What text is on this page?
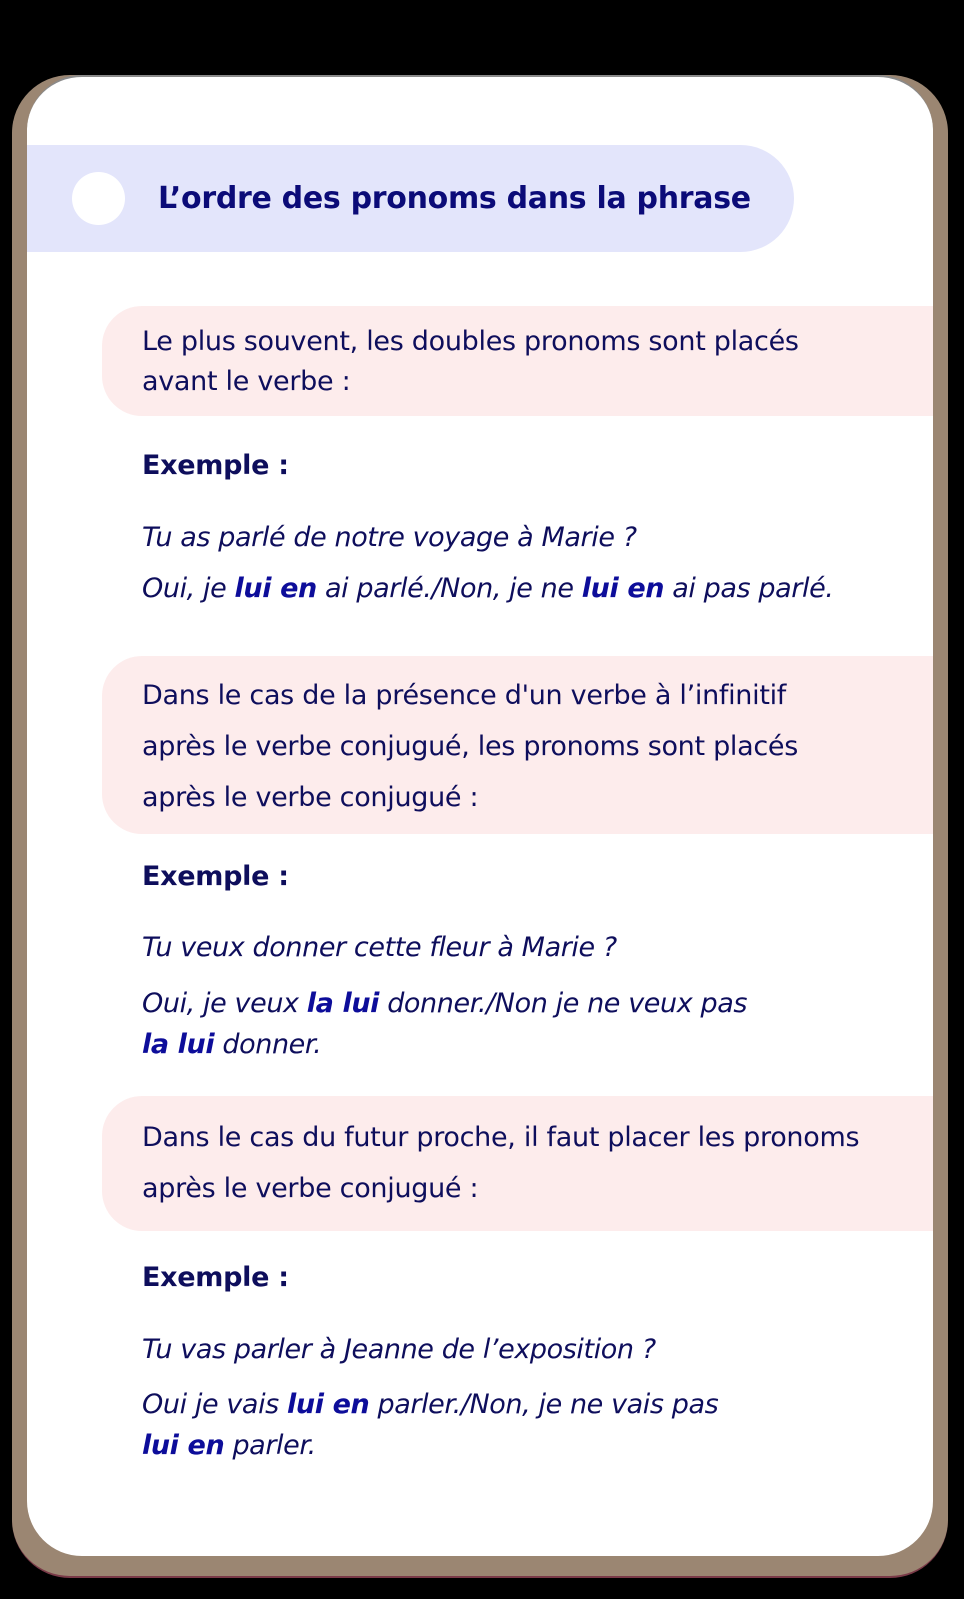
L’ordre des pronoms dans la phrase

Le plus souvent, les doubles pronoms sont placés

avant le verbe :

Exemple :
Tu as parlé de notre voyage à Marie ?
Oui, je lui en ai parlé./Non, je ne lui en ai pas parlé.

Dans le cas de la présence d'un verbe à l’infinitif

après le verbe conjugué, les pronoms sont placés

après le verbe conjugué :

Exemple :
Tu veux donner cette fleur à Marie ?
Oui, je veux la lui donner./Non je ne veux pas
la lui donner.

Dans le cas du futur proche, il faut placer les pronoms

après le verbe conjugué :

Exemple :
Tu vas parler à Jeanne de l’exposition ?
Oui je vais lui en parler./Non, je ne vais pas
lui en parler.
